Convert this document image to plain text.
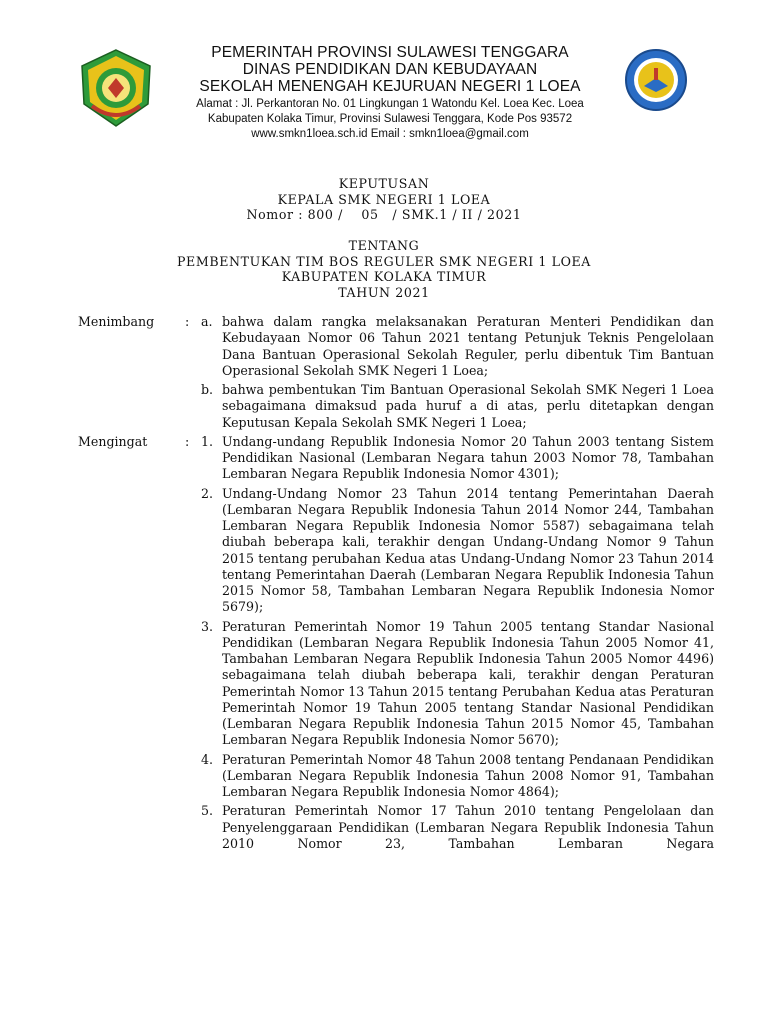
PEMERINTAH PROVINSI SULAWESI TENGGARA
DINAS PENDIDIKAN DAN KEBUDAYAAN
SEKOLAH MENENGAH KEJURUAN NEGERI 1 LOEA
Alamat : Jl. Perkantoran No. 01 Lingkungan 1 Watondu Kel. Loea Kec. Loea
Kabupaten Kolaka Timur, Provinsi Sulawesi Tenggara, Kode Pos 93572
www.smkn1loea.sch.id Email : smkn1loea@gmail.com
KEPUTUSAN
KEPALA SMK NEGERI 1 LOEA
Nomor : 800 /    05   / SMK.1 / II / 2021
TENTANG
PEMBENTUKAN TIM BOS REGULER SMK NEGERI 1 LOEA
KABUPATEN KOLAKA TIMUR
TAHUN 2021
Menimbang : a. bahwa dalam rangka melaksanakan Peraturan Menteri Pendidikan dan Kebudayaan Nomor 06 Tahun 2021 tentang Petunjuk Teknis Pengelolaan Dana Bantuan Operasional Sekolah Reguler, perlu dibentuk Tim Bantuan Operasional Sekolah SMK Negeri 1 Loea;
b. bahwa pembentukan Tim Bantuan Operasional Sekolah SMK Negeri 1 Loea sebagaimana dimaksud pada huruf a di atas, perlu ditetapkan dengan Keputusan Kepala Sekolah SMK Negeri 1 Loea;
Mengingat	: 1. Undang-undang Republik Indonesia Nomor 20 Tahun 2003 tentang Sistem Pendidikan Nasional (Lembaran Negara tahun 2003 Nomor 78, Tambahan Lembaran Negara Republik Indonesia Nomor 4301);
2. Undang-Undang Nomor 23 Tahun 2014 tentang Pemerintahan Daerah (Lembaran Negara Republik Indonesia Tahun 2014 Nomor 244, Tambahan Lembaran Negara Republik Indonesia Nomor 5587) sebagaimana telah diubah beberapa kali, terakhir dengan Undang-Undang Nomor 9 Tahun 2015 tentang perubahan Kedua atas Undang-Undang Nomor 23 Tahun 2014 tentang Pemerintahan Daerah (Lembaran Negara Republik Indonesia Tahun 2015 Nomor 58, Tambahan Lembaran Negara Republik Indonesia Nomor 5679);
3. Peraturan Pemerintah Nomor 19 Tahun 2005 tentang Standar Nasional Pendidikan (Lembaran Negara Republik Indonesia Tahun 2005 Nomor 41, Tambahan Lembaran Negara Republik Indonesia Tahun 2005 Nomor 4496) sebagaimana telah diubah beberapa kali, terakhir dengan Peraturan Pemerintah Nomor 13 Tahun 2015 tentang Perubahan Kedua atas Peraturan Pemerintah Nomor 19 Tahun 2005 tentang Standar Nasional Pendidikan (Lembaran Negara Republik Indonesia Tahun 2015 Nomor 45, Tambahan Lembaran Negara Republik Indonesia Nomor 5670);
4. Peraturan Pemerintah Nomor 48 Tahun 2008 tentang Pendanaan Pendidikan (Lembaran Negara Republik Indonesia Tahun 2008 Nomor 91, Tambahan Lembaran Negara Republik Indonesia Nomor 4864);
5. Peraturan Pemerintah Nomor 17 Tahun 2010 tentang Pengelolaan dan Penyelenggaraan Pendidikan (Lembaran Negara Republik Indonesia Tahun 2010 Nomor 23, Tambahan Lembaran Negara
